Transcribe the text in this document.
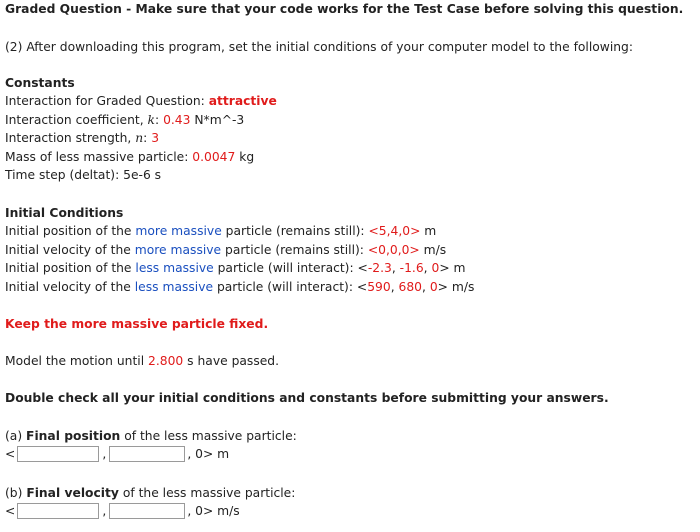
Graded Question - Make sure that your code works for the Test Case before solving this question.
(2) After downloading this program, set the initial conditions of your computer model to the following:
Constants
Interaction for Graded Question: attractive
Interaction coefficient, k: 0.43 N*m^-3
Interaction strength, n: 3
Mass of less massive particle: 0.0047 kg
Time step (deltat): 5e-6 s
Initial Conditions
Initial position of the more massive particle (remains still): <5,4,0> m
Initial velocity of the more massive particle (remains still): <0,0,0> m/s
Initial position of the less massive particle (will interact): <-2.3, -1.6, 0> m
Initial velocity of the less massive particle (will interact): <590, 680, 0> m/s
Keep the more massive particle fixed.
Model the motion until 2.800 s have passed.
Double check all your initial conditions and constants before submitting your answers.
(a) Final position of the less massive particle:
<	,	, 0> m
(b) Final velocity of the less massive particle:
<	,	, 0> m/s
